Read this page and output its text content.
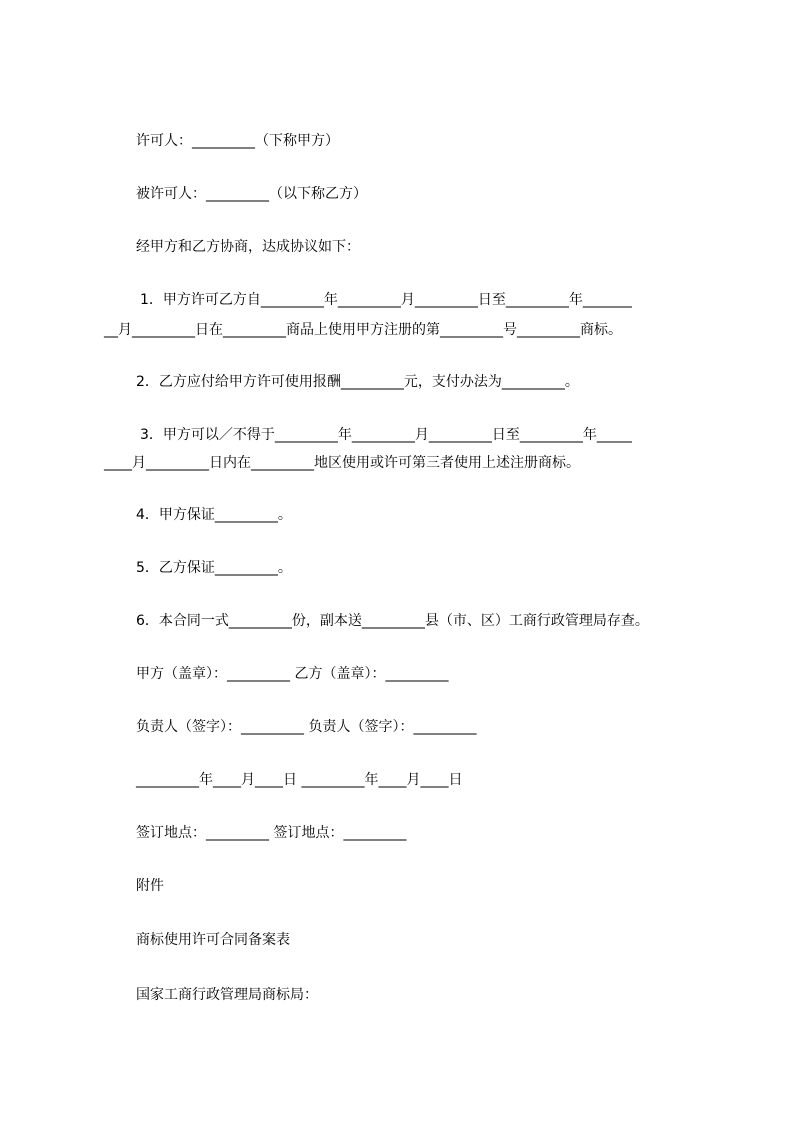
许可人：_________（下称甲方）
被许可人：_________（以下称乙方）
经甲方和乙方协商，达成协议如下：
1．甲方许可乙方自_________年_________月_________日至_________年_______
__月_________日在_________商品上使用甲方注册的第_________号_________商标。
2．乙方应付给甲方许可使用报酬_________元，支付办法为_________。
3．甲方可以／不得于_________年_________月_________日至_________年_____
____月_________日内在_________地区使用或许可第三者使用上述注册商标。
4．甲方保证_________。
5．乙方保证_________。
6．本合同一式_________份，副本送_________县（市、区）工商行政管理局存查。
甲方（盖章）：_________ 乙方（盖章）：_________
负责人（签字）：_________ 负责人（签字）：_________
_________年____月____日 _________年____月____日
签订地点：_________ 签订地点：_________
附件
商标使用许可合同备案表
国家工商行政管理局商标局：
